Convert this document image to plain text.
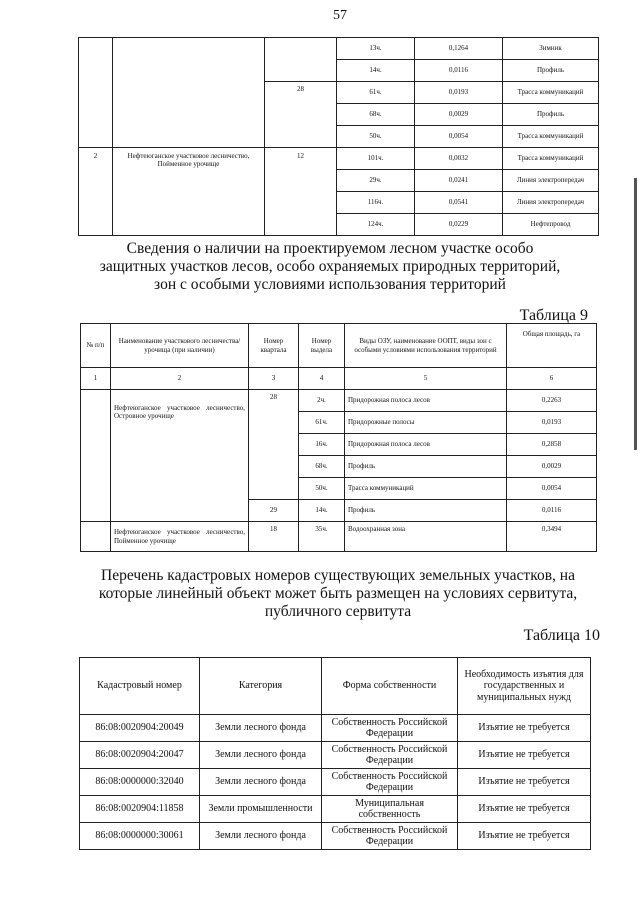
57
			13ч.	0,1264	Зимник
			14ч.	0,0116	Профиль
		28	61ч.	0,0193	Трасса коммуникаций
			68ч.	0,0029	Профиль
			50ч.	0,0054	Трасса коммуникаций
2	Нефтеюганское участковое лесничество, Пойменное урочище	12	101ч.	0,0032	Трасса коммуникаций
			29ч.	0,0241	Линия электропередач
			116ч.	0,0541	Линия электропередач
			124ч.	0,0229	Нефтепровод
Сведения о наличии на проектируемом лесном участке особо защитных участков лесов, особо охраняемых природных территорий, зон с особыми условиями использования территорий
Таблица 9
№ п/п	Наименование участкового лесничества/урочища (при наличии)	Номер квартала	Номер выдела	Виды ОЗУ, наименование ООПТ, виды зон с особыми условиями использования территорий	Общая площадь, га
1	2	3	4	5	6
	Нефтеюганское участковое лесничество, Островное урочище	28	2ч.	Придорожная полоса лесов	0,2263
			61ч.	Придорожные полосы	0,0193
			16ч.	Придорожная полоса лесов	0,2858
			68ч.	Профиль	0,0029
			50ч.	Трасса коммуникаций	0,0054
		29	14ч.	Профиль	0,0116
	Нефтеюганское участковое лесничество, Пойменное урочище	18	35ч.	Водоохранная зона	0,3494
Перечень кадастровых номеров существующих земельных участков, на которые линейный объект может быть размещен на условиях сервитута, публичного сервитута
Таблица 10
Кадастровый номер	Категория	Форма собственности	Необходимость изъятия для государственных и муниципальных нужд
86:08:0020904:20049	Земли лесного фонда	Собственность Российской Федерации	Изъятие не требуется
86:08:0020904:20047	Земли лесного фонда	Собственность Российской Федерации	Изъятие не требуется
86:08:0000000:32040	Земли лесного фонда	Собственность Российской Федерации	Изъятие не требуется
86:08:0020904:11858	Земли промышленности	Муниципальная собственность	Изъятие не требуется
86:08:0000000:30061	Земли лесного фонда	Собственность Российской Федерации	Изъятие не требуется
